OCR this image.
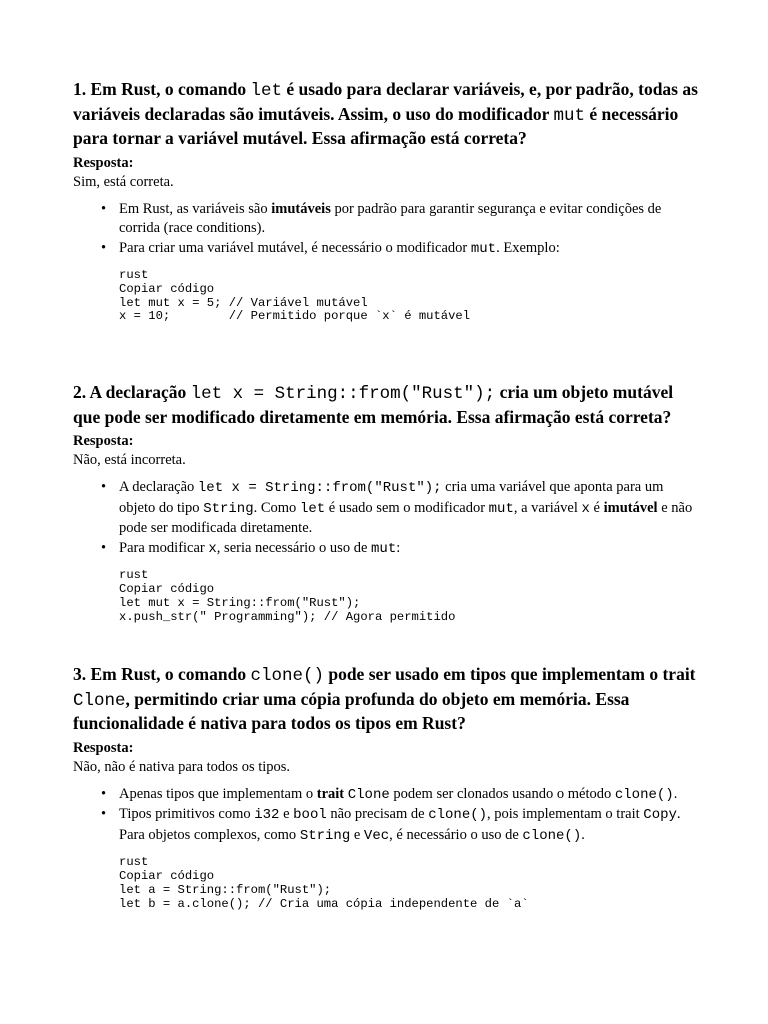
1. Em Rust, o comando let é usado para declarar variáveis, e, por padrão, todas as variáveis declaradas são imutáveis. Assim, o uso do modificador mut é necessário para tornar a variável mutável. Essa afirmação está correta?

Resposta:

Sim, está correta.

• Em Rust, as variáveis são imutáveis por padrão para garantir segurança e evitar condições de corrida (race conditions).
• Para criar uma variável mutável, é necessário o modificador mut. Exemplo:
rust
Copiar código
let mut x = 5; // Variável mutável
x = 10;        // Permitido porque `x` é mutável

2. A declaração let x = String::from("Rust"); cria um objeto mutável que pode ser modificado diretamente em memória. Essa afirmação está correta?

Resposta:

Não, está incorreta.

• A declaração let x = String::from("Rust"); cria uma variável que aponta para um objeto do tipo String. Como let é usado sem o modificador mut, a variável x é imutável e não pode ser modificada diretamente.
• Para modificar x, seria necessário o uso de mut:
rust
Copiar código
let mut x = String::from("Rust");
x.push_str(" Programming"); // Agora permitido

3. Em Rust, o comando clone() pode ser usado em tipos que implementam o trait Clone, permitindo criar uma cópia profunda do objeto em memória. Essa funcionalidade é nativa para todos os tipos em Rust?

Resposta:

Não, não é nativa para todos os tipos.

• Apenas tipos que implementam o trait Clone podem ser clonados usando o método clone().
• Tipos primitivos como i32 e bool não precisam de clone(), pois implementam o trait Copy. Para objetos complexos, como String e Vec, é necessário o uso de clone().
rust
Copiar código
let a = String::from("Rust");
let b = a.clone(); // Cria uma cópia independente de `a`
